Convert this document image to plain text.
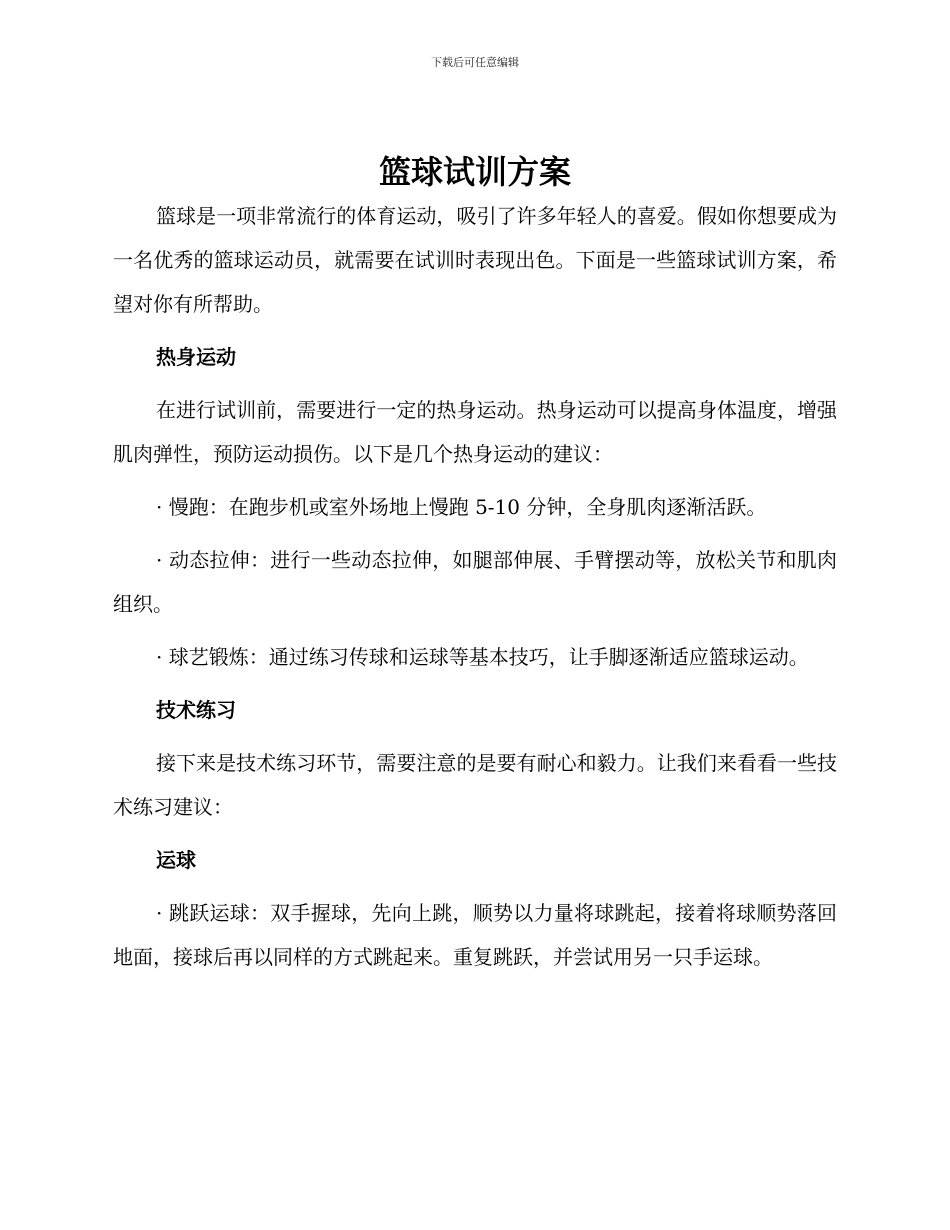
下载后可任意编辑
篮球试训方案

篮球是一项非常流行的体育运动，吸引了许多年轻人的喜爱。假如你想要成为一名优秀的篮球运动员，就需要在试训时表现出色。下面是一些篮球试训方案，希望对你有所帮助。

热身运动

在进行试训前，需要进行一定的热身运动。热身运动可以提高身体温度，增强肌肉弹性，预防运动损伤。以下是几个热身运动的建议：

· 慢跑：在跑步机或室外场地上慢跑 5-10 分钟，全身肌肉逐渐活跃。

· 动态拉伸：进行一些动态拉伸，如腿部伸展、手臂摆动等，放松关节和肌肉组织。

· 球艺锻炼：通过练习传球和运球等基本技巧，让手脚逐渐适应篮球运动。

技术练习

接下来是技术练习环节，需要注意的是要有耐心和毅力。让我们来看看一些技术练习建议：

运球

· 跳跃运球：双手握球，先向上跳，顺势以力量将球跳起，接着将球顺势落回地面，接球后再以同样的方式跳起来。重复跳跃，并尝试用另一只手运球。
